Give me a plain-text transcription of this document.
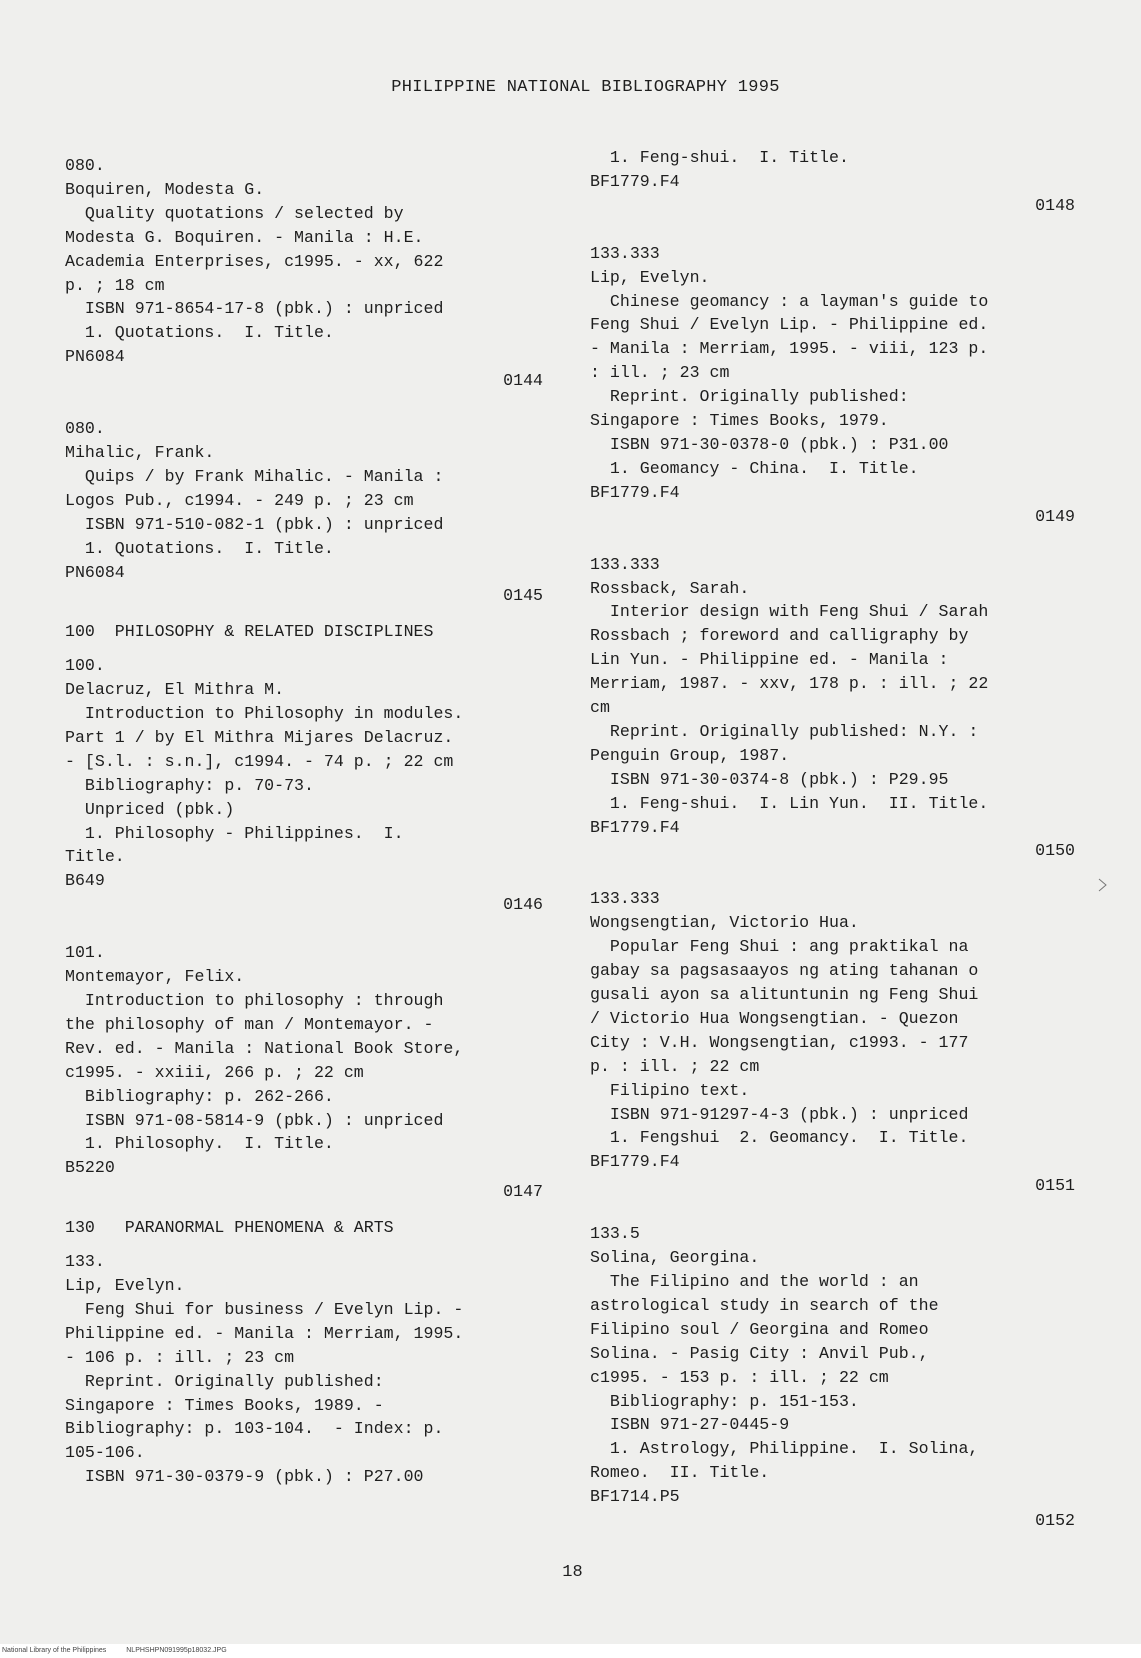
PHILIPPINE NATIONAL BIBLIOGRAPHY 1995
080.
Boquiren, Modesta G.
Quality quotations / selected by
Modesta G. Boquiren. - Manila : H.E.
Academia Enterprises, c1995. - xx, 622
p. ; 18 cm
ISBN 971-8654-17-8 (pbk.) : unpriced
1. Quotations.  I. Title.
PN6084
0144
080.
Mihalic, Frank.
Quips / by Frank Mihalic. - Manila :
Logos Pub., c1994. - 249 p. ; 23 cm
ISBN 971-510-082-1 (pbk.) : unpriced
1. Quotations.  I. Title.
PN6084
0145
100  PHILOSOPHY & RELATED DISCIPLINES
100.
Delacruz, El Mithra M.
Introduction to Philosophy in modules.
Part 1 / by El Mithra Mijares Delacruz.
- [S.l. : s.n.], c1994. - 74 p. ; 22 cm
Bibliography: p. 70-73.
Unpriced (pbk.)
1. Philosophy - Philippines.  I.
Title.
B649
0146
101.
Montemayor, Felix.
Introduction to philosophy : through
the philosophy of man / Montemayor. -
Rev. ed. - Manila : National Book Store,
c1995. - xxiii, 266 p. ; 22 cm
Bibliography: p. 262-266.
ISBN 971-08-5814-9 (pbk.) : unpriced
1. Philosophy.  I. Title.
B5220
0147
130   PARANORMAL PHENOMENA & ARTS
133.
Lip, Evelyn.
Feng Shui for business / Evelyn Lip. -
Philippine ed. - Manila : Merriam, 1995.
- 106 p. : ill. ; 23 cm
Reprint. Originally published:
Singapore : Times Books, 1989. -
Bibliography: p. 103-104.  - Index: p.
105-106.
ISBN 971-30-0379-9 (pbk.) : P27.00
1. Feng-shui.  I. Title.
BF1779.F4
0148
133.333
Lip, Evelyn.
Chinese geomancy : a layman's guide to
Feng Shui / Evelyn Lip. - Philippine ed.
- Manila : Merriam, 1995. - viii, 123 p.
: ill. ; 23 cm
Reprint. Originally published:
Singapore : Times Books, 1979.
ISBN 971-30-0378-0 (pbk.) : P31.00
1. Geomancy - China.  I. Title.
BF1779.F4
0149
133.333
Rossback, Sarah.
Interior design with Feng Shui / Sarah
Rossbach ; foreword and calligraphy by
Lin Yun. - Philippine ed. - Manila :
Merriam, 1987. - xxv, 178 p. : ill. ; 22
cm
Reprint. Originally published: N.Y. :
Penguin Group, 1987.
ISBN 971-30-0374-8 (pbk.) : P29.95
1. Feng-shui.  I. Lin Yun.  II. Title.
BF1779.F4
0150
133.333
Wongsengtian, Victorio Hua.
Popular Feng Shui : ang praktikal na
gabay sa pagsasaayos ng ating tahanan o
gusali ayon sa alituntunin ng Feng Shui
/ Victorio Hua Wongsengtian. - Quezon
City : V.H. Wongsengtian, c1993. - 177
p. : ill. ; 22 cm
Filipino text.
ISBN 971-91297-4-3 (pbk.) : unpriced
1. Fengshui  2. Geomancy.  I. Title.
BF1779.F4
0151
133.5
Solina, Georgina.
The Filipino and the world : an
astrological study in search of the
Filipino soul / Georgina and Romeo
Solina. - Pasig City : Anvil Pub.,
c1995. - 153 p. : ill. ; 22 cm
Bibliography: p. 151-153.
ISBN 971-27-0445-9
1. Astrology, Philippine.  I. Solina,
Romeo.  II. Title.
BF1714.P5
0152
18
National Library of the Philippines	NLPHSHPN091995p18032.JPG
